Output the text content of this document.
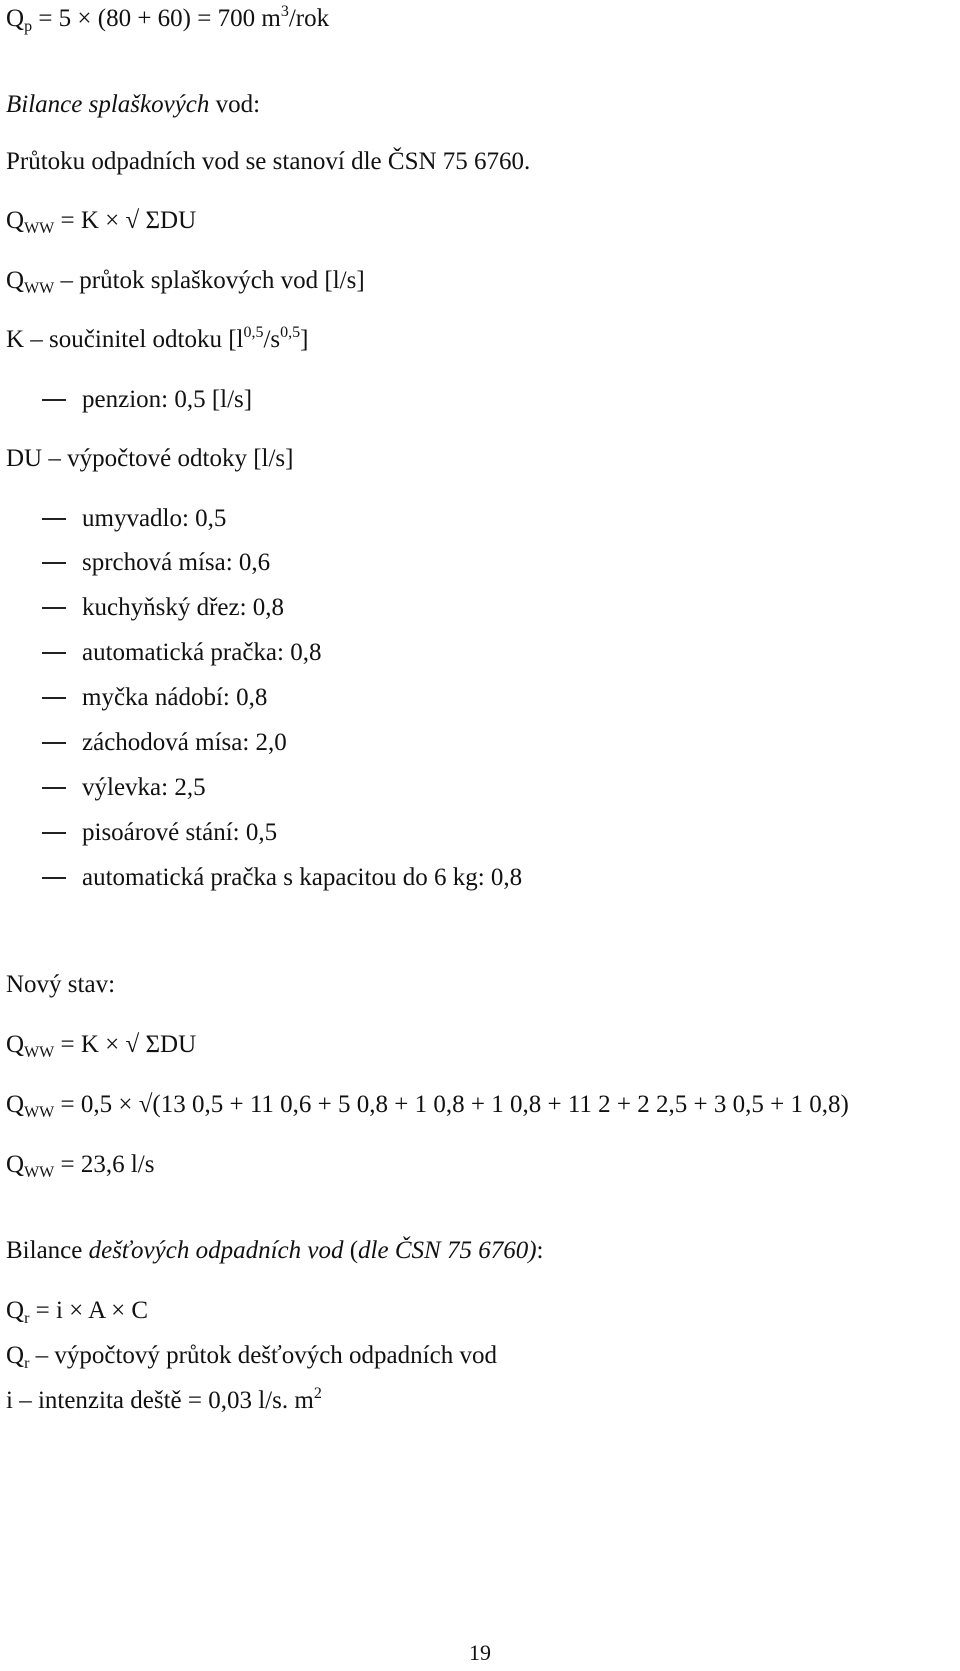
$Q_p = 5 \times (80 + 60) = 700$ $m^3$/rok
Bilance splaškových vod:
Průtoku odpadních vod se stanoví dle ČSN 75 6760.
$Q_{WW} = K$ × √ ΣDU
$Q_{WW}$ – průtok splaškových vod [l/s]
K – součinitel odtoku $[l^{0,5}/s^{0,5}]$
penzion: 0,5 [l/s]
DU – výpočtové odtoky [l/s]
umyvadlo: 0,5
sprchová mísa: 0,6
kuchyňský dřez: 0,8
automatická pračka: 0,8
myčka nádobí: 0,8
záchodová mísa: 2,0
výlevka: 2,5
pisoárové stání: 0,5
automatická pračka s kapacitou do 6 kg: 0,8
Nový stav:
$Q_{WW} = K$ × √ ΣDU
$Q_{WW} = 0,5 \times √(13$ 0,5 + 11 0,6 + 5 0,8 + 1 0,8 + 1 0,8 + 11 2 + 2 2,5 + 3 0,5 + 1 0,8)
$Q_{WW} = 23,6$ l/s
Bilance dešťových odpadních vod (dle ČSN 75 6760):
$Q_r = i \times A \times C$
$Q_r$ – výpočtový průtok dešťových odpadních vod
i – intenzita deště = 0,03 l/s. $m^2$
19
